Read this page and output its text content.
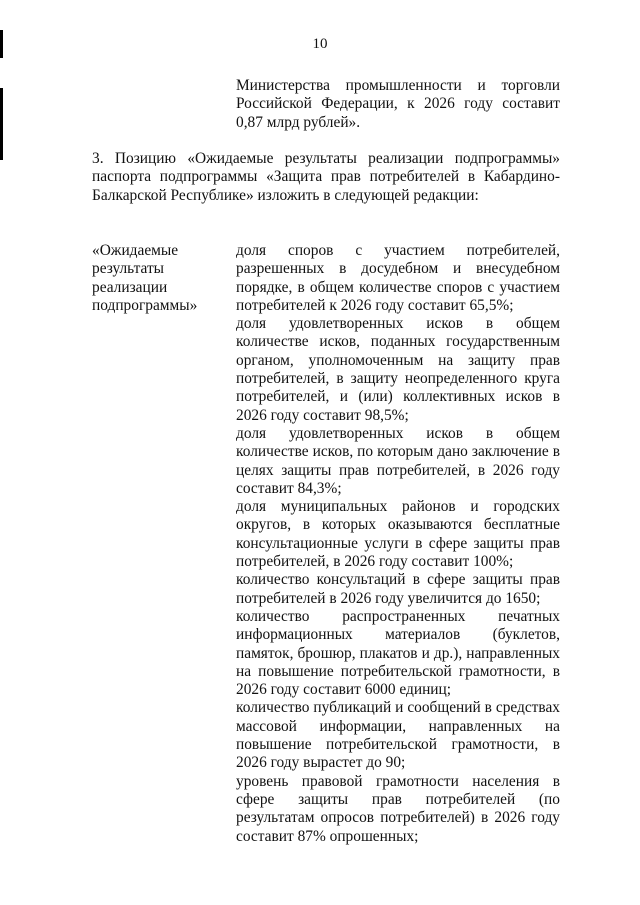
10

Министерства промышленности и торговли Российской Федерации, к 2026 году составит 0,87 млрд рублей».

3. Позицию «Ожидаемые результаты реализации подпрограммы» паспорта подпрограммы «Защита прав потребителей в Кабардино-Балкарской Республике» изложить в следующей редакции:

«Ожидаемые результаты реализации подпрограммы»

доля споров с участием потребителей, разрешенных в досудебном и внесудебном порядке, в общем количестве споров с участием потребителей к 2026 году составит 65,5%;

доля удовлетворенных исков в общем количестве исков, поданных государственным органом, уполномоченным на защиту прав потребителей, в защиту неопределенного круга потребителей, и (или) коллективных исков в 2026 году составит 98,5%;

доля удовлетворенных исков в общем количестве исков, по которым дано заключение в целях защиты прав потребителей, в 2026 году составит 84,3%;

доля муниципальных районов и городских округов, в которых оказываются бесплатные консультационные услуги в сфере защиты прав потребителей, в 2026 году составит 100%;

количество консультаций в сфере защиты прав потребителей в 2026 году увеличится до 1650;

количество распространенных печатных информационных материалов (буклетов, памяток, брошюр, плакатов и др.), направленных на повышение потребительской грамотности, в 2026 году составит 6000 единиц;

количество публикаций и сообщений в средствах массовой информации, направленных на повышение потребительской грамотности, в 2026 году вырастет до 90;

уровень правовой грамотности населения в сфере защиты прав потребителей (по результатам опросов потребителей) в 2026 году составит 87% опрошенных;
